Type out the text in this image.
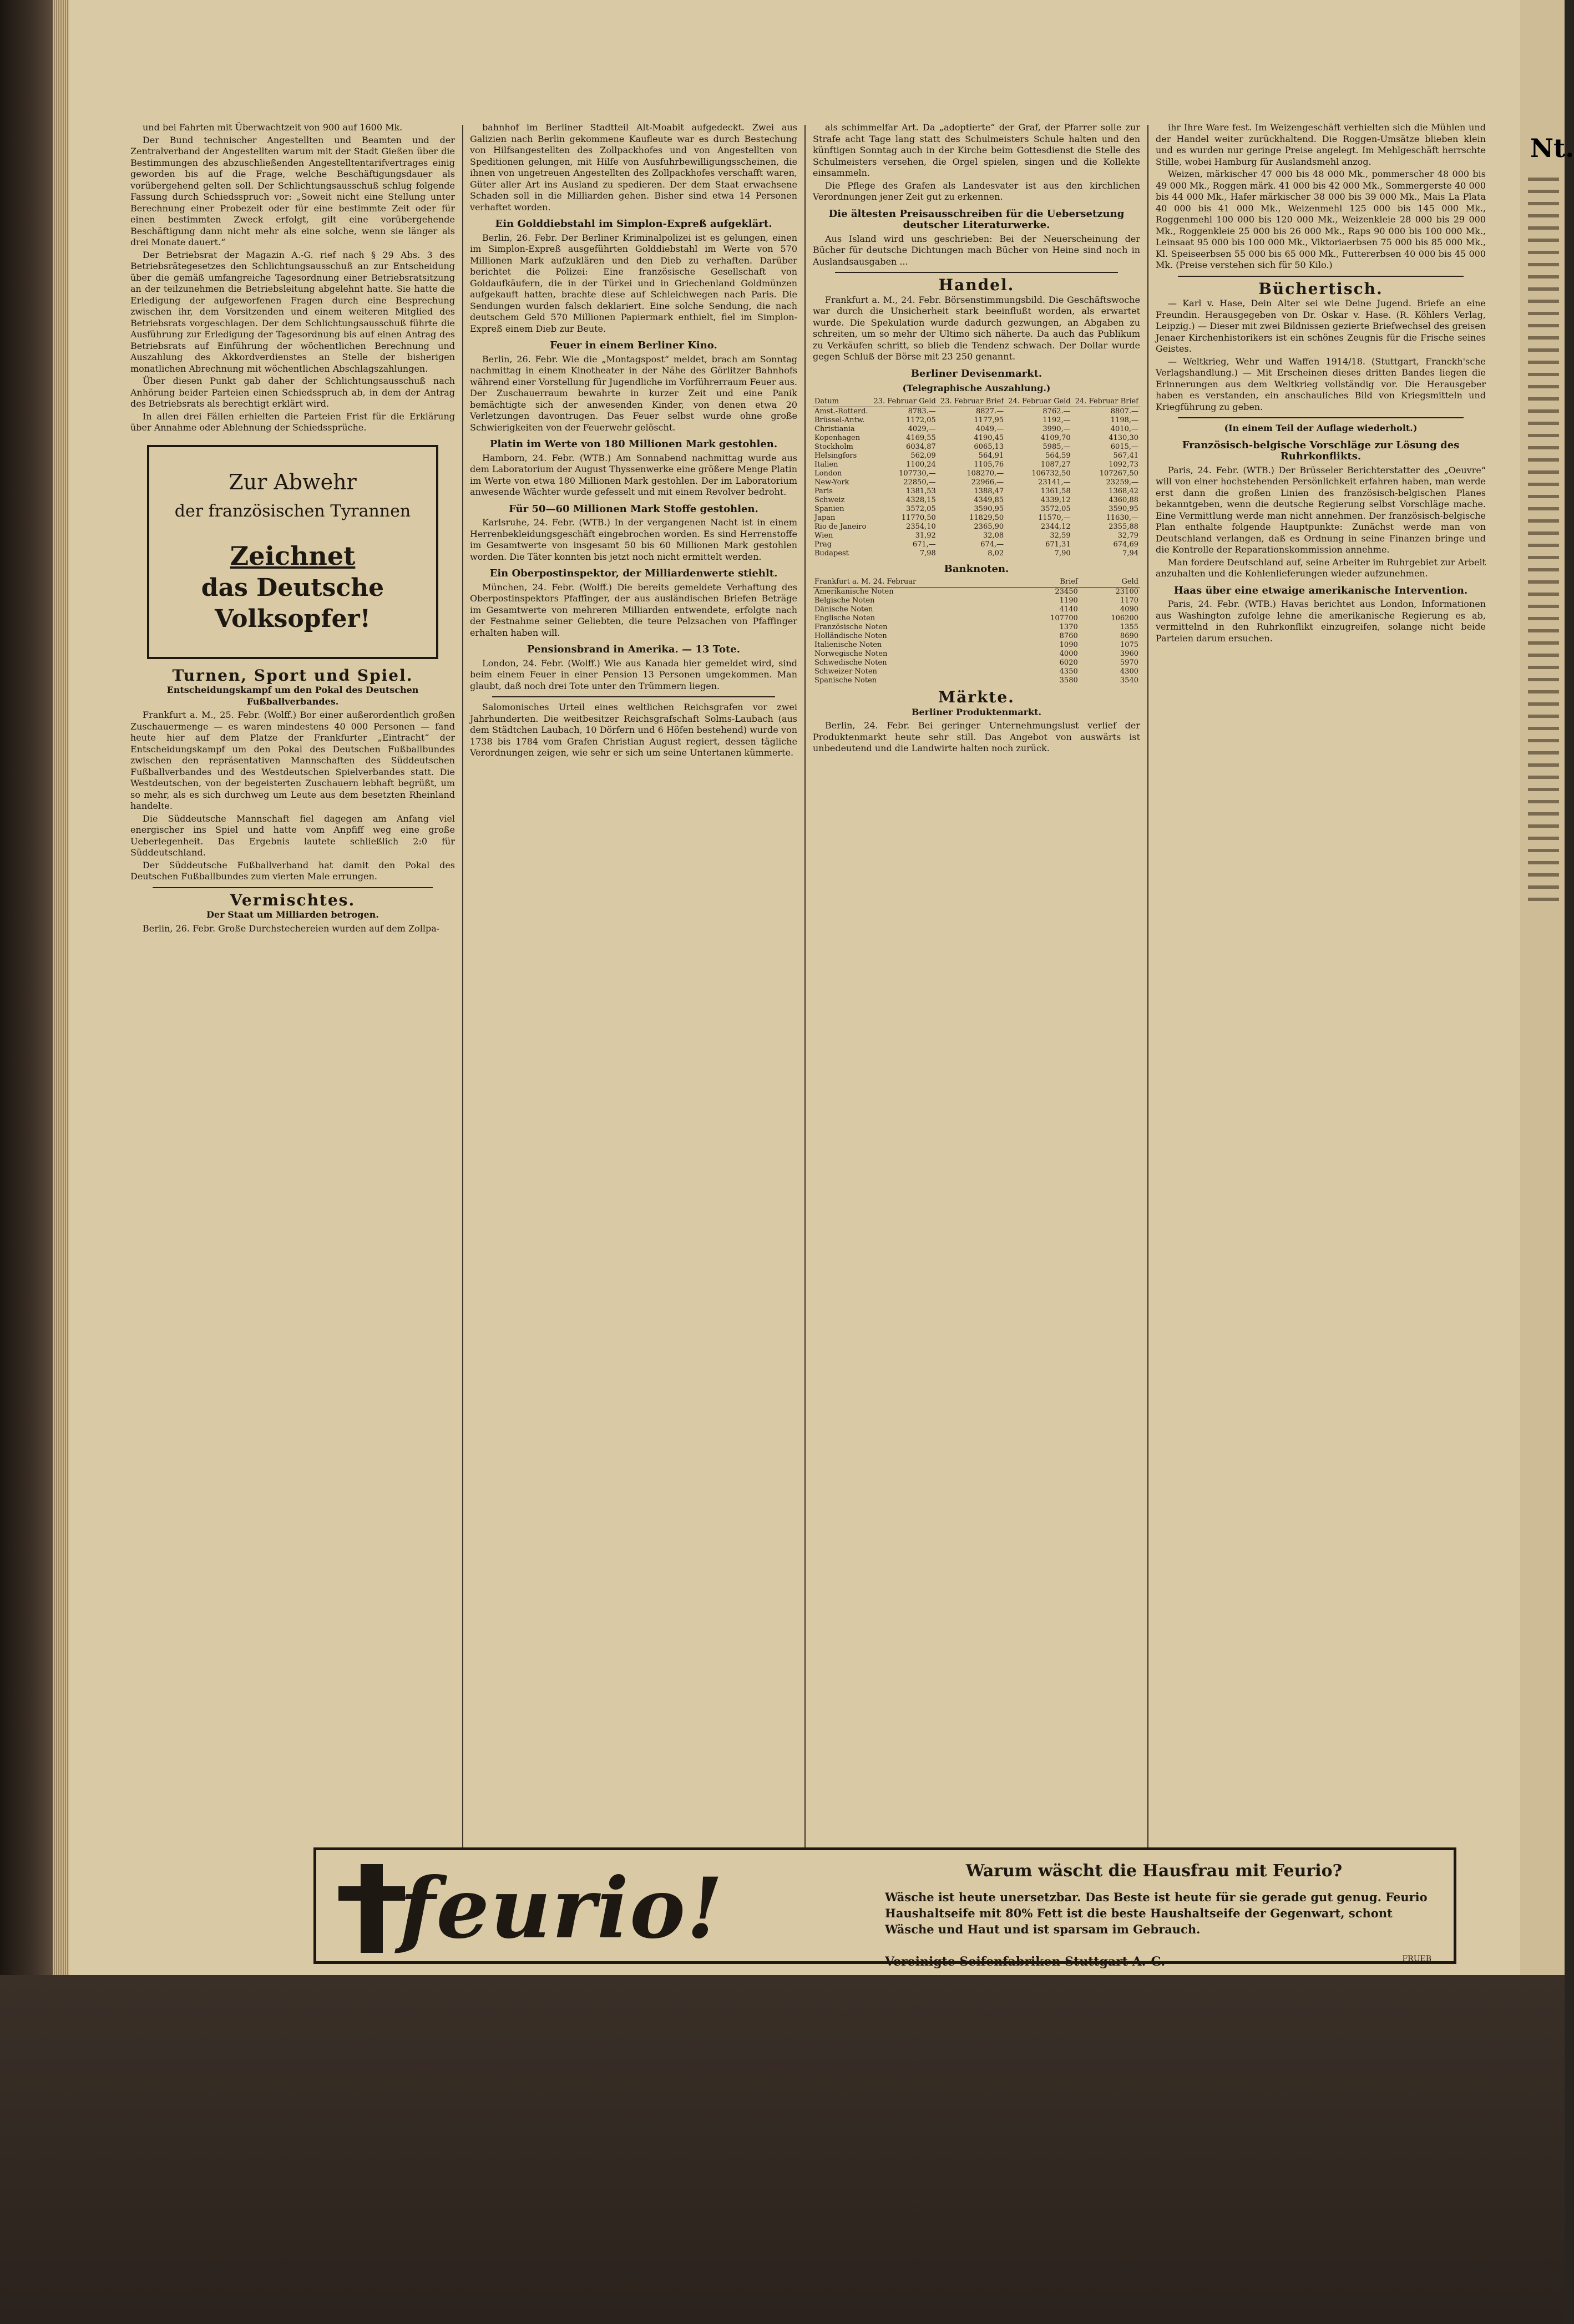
und bei Fahrten mit Überwachtzeit von 900 auf 1600 Mk.

Der Bund technischer Angestellten und Beamten und der Zentralverband der Angestellten warum mit der Stadt Gießen über die Bestimmungen des abzuschließenden Angestelltentarifvertrages einig geworden bis auf die Frage, welche Beschäftigungsdauer als vorübergehend gelten soll. Der Schlichtungsausschuß schlug folgende Fassung durch Schiedsspruch vor: „Soweit nicht eine Stellung unter Berechnung einer Probezeit oder für eine bestimmte Zeit oder für einen bestimmten Zweck erfolgt, gilt eine vorübergehende Beschäftigung dann nicht mehr als eine solche, wenn sie länger als drei Monate dauert.“

Der Betriebsrat der Magazin A.-G. rief nach § 29 Abs. 3 des Betriebsrätegesetzes den Schlichtungsausschuß an zur Entscheidung über die gemäß umfangreiche Tagesordnung einer Betriebsratsitzung an der teilzunehmen die Betriebsleitung abgelehnt hatte. Sie hatte die Erledigung der aufgeworfenen Fragen durch eine Besprechung zwischen ihr, dem Vorsitzenden und einem weiteren Mitglied des Betriebsrats vorgeschlagen. Der dem Schlichtungsausschuß führte die Ausführung zur Erledigung der Tagesordnung bis auf einen Antrag des Betriebsrats auf Einführung der wöchentlichen Berechnung und Auszahlung des Akkordverdienstes an Stelle der bisherigen monatlichen Abrechnung mit wöchentlichen Abschlagszahlungen.

Über diesen Punkt gab daher der Schlichtungsausschuß nach Anhörung beider Parteien einen Schiedsspruch ab, in dem der Antrag des Betriebsrats als berechtigt erklärt wird.

In allen drei Fällen erhielten die Parteien Frist für die Erklärung über Annahme oder Ablehnung der Schiedssprüche.

Zur Abwehr
der französischen Tyrannen
Zeichnet
das Deutsche Volksopfer!
Turnen, Sport und Spiel.
Entscheidungskampf um den Pokal des Deutschen Fußballverbandes.

Frankfurt a. M., 25. Febr. (Wolff.) Bor einer außerordentlich großen Zuschauermenge — es waren mindestens 40 000 Personen — fand heute hier auf dem Platze der Frankfurter „Eintracht“ der Entscheidungskampf um den Pokal des Deutschen Fußballbundes zwischen den repräsentativen Mannschaften des Süddeutschen Fußballverbandes und des Westdeutschen Spielverbandes statt. Die Westdeutschen, von der begeisterten Zuschauern lebhaft begrüßt, um so mehr, als es sich durchweg um Leute aus dem besetzten Rheinland handelte.

Die Süddeutsche Mannschaft fiel dagegen am Anfang viel energischer ins Spiel und hatte vom Anpfiff weg eine große Ueberlegenheit. Das Ergebnis lautete schließlich 2:0 für Süddeutschland.

Der Süddeutsche Fußballverband hat damit den Pokal des Deutschen Fußballbundes zum vierten Male errungen.

Vermischtes.
Der Staat um Milliarden betrogen.

Berlin, 26. Febr. Große Durchstechereien wurden auf dem Zollpa-

bahnhof im Berliner Stadtteil Alt-Moabit aufgedeckt. Zwei aus Galizien nach Berlin gekommene Kaufleute war es durch Bestechung von Hilfsangestellten des Zollpackhofes und von Angestellten von Speditionen gelungen, mit Hilfe von Ausfuhrbewilligungsscheinen, die ihnen von ungetreuen Angestellten des Zollpackhofes verschafft waren, Güter aller Art ins Ausland zu spedieren. Der dem Staat erwachsene Schaden soll in die Milliarden gehen. Bisher sind etwa 14 Personen verhaftet worden.

Ein Golddiebstahl im Simplon-Expreß aufgeklärt.

Berlin, 26. Febr. Der Berliner Kriminalpolizei ist es gelungen, einen im Simplon-Expreß ausgeführten Golddiebstahl im Werte von 570 Millionen Mark aufzuklären und den Dieb zu verhaften. Darüber berichtet die Polizei: Eine französische Gesellschaft von Goldaufkäufern, die in der Türkei und in Griechenland Goldmünzen aufgekauft hatten, brachte diese auf Schleichwegen nach Paris. Die Sendungen wurden falsch deklariert. Eine solche Sendung, die nach deutschem Geld 570 Millionen Papiermark enthielt, fiel im Simplon-Expreß einem Dieb zur Beute.

Feuer in einem Berliner Kino.

Berlin, 26. Febr. Wie die „Montagspost“ meldet, brach am Sonntag nachmittag in einem Kinotheater in der Nähe des Görlitzer Bahnhofs während einer Vorstellung für Jugendliche im Vorführerraum Feuer aus. Der Zuschauerraum bewahrte in kurzer Zeit und eine Panik bemächtigte sich der anwesenden Kinder, von denen etwa 20 Verletzungen davontrugen. Das Feuer selbst wurde ohne große Schwierigkeiten von der Feuerwehr gelöscht.

Platin im Werte von 180 Millionen Mark gestohlen.

Hamborn, 24. Febr. (WTB.) Am Sonnabend nachmittag wurde aus dem Laboratorium der August Thyssenwerke eine größere Menge Platin im Werte von etwa 180 Millionen Mark gestohlen. Der im Laboratorium anwesende Wächter wurde gefesselt und mit einem Revolver bedroht.

Für 50—60 Millionen Mark Stoffe gestohlen.

Karlsruhe, 24. Febr. (WTB.) In der vergangenen Nacht ist in einem Herrenbekleidungsgeschäft eingebrochen worden. Es sind Herrenstoffe im Gesamtwerte von insgesamt 50 bis 60 Millionen Mark gestohlen worden. Die Täter konnten bis jetzt noch nicht ermittelt werden.

Ein Oberpostinspektor, der Milliardenwerte stiehlt.

München, 24. Febr. (Wolff.) Die bereits gemeldete Verhaftung des Oberpostinspektors Pfaffinger, der aus ausländischen Briefen Beträge im Gesamtwerte von mehreren Milliarden entwendete, erfolgte nach der Festnahme seiner Geliebten, die teure Pelzsachen von Pfaffinger erhalten haben will.

Pensionsbrand in Amerika. — 13 Tote.

London, 24. Febr. (Wolff.) Wie aus Kanada hier gemeldet wird, sind beim einem Feuer in einer Pension 13 Personen umgekommen. Man glaubt, daß noch drei Tote unter den Trümmern liegen.

Salomonisches Urteil eines weltlichen Reichsgrafen vor zwei Jahrhunderten. Die weitbesitzer Reichsgrafschaft Solms-Laubach (aus dem Städtchen Laubach, 10 Dörfern und 6 Höfen bestehend) wurde von 1738 bis 1784 vom Grafen Christian August regiert, dessen tägliche Verordnungen zeigen, wie sehr er sich um seine Untertanen kümmerte.

als schimmelfar Art. Da „adoptierte“ der Graf, der Pfarrer solle zur Strafe acht Tage lang statt des Schulmeisters Schule halten und den künftigen Sonntag auch in der Kirche beim Gottesdienst die Stelle des Schulmeisters versehen, die Orgel spielen, singen und die Kollekte einsammeln.

Die Pflege des Grafen als Landesvater ist aus den kirchlichen Verordnungen jener Zeit gut zu erkennen.

Die ältesten Preisausschreiben für die Uebersetzung deutscher Literaturwerke.

Aus Island wird uns geschrieben: Bei der Neuerscheinung der Bücher für deutsche Dichtungen mach Bücher von Heine sind noch in Auslandsausgaben ...

Handel.

Frankfurt a. M., 24. Febr. Börsenstimmungsbild. Die Geschäftswoche war durch die Unsicherheit stark beeinflußt worden, als erwartet wurde. Die Spekulation wurde dadurch gezwungen, an Abgaben zu schreiten, um so mehr der Ultimo sich näherte. Da auch das Publikum zu Verkäufen schritt, so blieb die Tendenz schwach. Der Dollar wurde gegen Schluß der Börse mit 23 250 genannt.

Berliner Devisenmarkt.
(Telegraphische Auszahlung.)
Datum	23. Februar Geld	23. Februar Brief	24. Februar Geld	24. Februar Brief
Amst.-Rotterd.	8783.—	8827.—	8762.—	8807.—
Brüssel-Antw.	1172,05	1177,95	1192,—	1198,—
Christiania	4029,—	4049,—	3990,—	4010,—
Kopenhagen	4169,55	4190,45	4109,70	4130,30
Stockholm	6034,87	6065,13	5985,—	6015,—
Helsingfors	562,09	564,91	564,59	567,41
Italien	1100,24	1105,76	1087,27	1092,73
London	107730,—	108270,—	106732,50	107267,50
New-York	22850,—	22966,—	23141,—	23259,—
Paris	1381,53	1388,47	1361,58	1368,42
Schweiz	4328,15	4349,85	4339,12	4360,88
Spanien	3572,05	3590,95	3572,05	3590,95
Japan	11770,50	11829,50	11570,—	11630,—
Rio de Janeiro	2354,10	2365,90	2344,12	2355,88
Wien	31,92	32,08	32,59	32,79
Prag	671,—	674,—	671,31	674,69
Budapest	7,98	8,02	7,90	7,94
Banknoten.
Frankfurt a. M. 24. Februar	Brief	Geld
Amerikanische Noten	23450	23100
Belgische Noten	1190	1170
Dänische Noten	4140	4090
Englische Noten	107700	106200
Französische Noten	1370	1355
Holländische Noten	8760	8690
Italienische Noten	1090	1075
Norwegische Noten	4000	3960
Schwedische Noten	6020	5970
Schweizer Noten	4350	4300
Spanische Noten	3580	3540
Märkte.
Berliner Produktenmarkt.

Berlin, 24. Febr. Bei geringer Unternehmungslust verlief der Produktenmarkt heute sehr still. Das Angebot von auswärts ist unbedeutend und die Landwirte halten noch zurück.

ihr Ihre Ware fest. Im Weizengeschäft verhielten sich die Mühlen und der Handel weiter zurückhaltend. Die Roggen-Umsätze blieben klein und es wurden nur geringe Preise angelegt. Im Mehlgeschäft herrschte Stille, wobei Hamburg für Auslandsmehl anzog.

Weizen, märkischer 47 000 bis 48 000 Mk., pommerscher 48 000 bis 49 000 Mk., Roggen märk. 41 000 bis 42 000 Mk., Sommergerste 40 000 bis 44 000 Mk., Hafer märkischer 38 000 bis 39 000 Mk., Mais La Plata 40 000 bis 41 000 Mk., Weizenmehl 125 000 bis 145 000 Mk., Roggenmehl 100 000 bis 120 000 Mk., Weizenkleie 28 000 bis 29 000 Mk., Roggenkleie 25 000 bis 26 000 Mk., Raps 90 000 bis 100 000 Mk., Leinsaat 95 000 bis 100 000 Mk., Viktoriaerbsen 75 000 bis 85 000 Mk., Kl. Speiseerbsen 55 000 bis 65 000 Mk., Futtererbsen 40 000 bis 45 000 Mk. (Preise verstehen sich für 50 Kilo.)

Büchertisch.

— Karl v. Hase, Dein Alter sei wie Deine Jugend. Briefe an eine Freundin. Herausgegeben von Dr. Oskar v. Hase. (R. Köhlers Verlag, Leipzig.) — Dieser mit zwei Bildnissen gezierte Briefwechsel des greisen Jenaer Kirchenhistorikers ist ein schönes Zeugnis für die Frische seines Geistes.

— Weltkrieg, Wehr und Waffen 1914/18. (Stuttgart, Franckh'sche Verlagshandlung.) — Mit Erscheinen dieses dritten Bandes liegen die Erinnerungen aus dem Weltkrieg vollständig vor. Die Herausgeber haben es verstanden, ein anschauliches Bild von Kriegsmitteln und Kriegführung zu geben.

(In einem Teil der Auflage wiederholt.)
Französisch-belgische Vorschläge zur Lösung des Ruhrkonflikts.

Paris, 24. Febr. (WTB.) Der Brüsseler Berichterstatter des „Oeuvre“ will von einer hochstehenden Persönlichkeit erfahren haben, man werde erst dann die großen Linien des französisch-belgischen Planes bekanntgeben, wenn die deutsche Regierung selbst Vorschläge mache. Eine Vermittlung werde man nicht annehmen. Der französisch-belgische Plan enthalte folgende Hauptpunkte: Zunächst werde man von Deutschland verlangen, daß es Ordnung in seine Finanzen bringe und die Kontrolle der Reparationskommission annehme.

Man fordere Deutschland auf, seine Arbeiter im Ruhrgebiet zur Arbeit anzuhalten und die Kohlenlieferungen wieder aufzunehmen.

Haas über eine etwaige amerikanische Intervention.

Paris, 24. Febr. (WTB.) Havas berichtet aus London, Informationen aus Washington zufolge lehne die amerikanische Regierung es ab, vermittelnd in den Ruhrkonflikt einzugreifen, solange nicht beide Parteien darum ersuchen.

feurio!	Warum wäscht die Hausfrau mit Feurio?
Wäsche ist heute unersetzbar. Das Beste ist heute für sie gerade gut genug. Feurio Haushaltseife mit 80% Fett ist die beste Haushaltseife der Gegenwart, schont Wäsche und Haut und ist sparsam im Gebrauch.
Vereinigte Seifenfabriken Stuttgart A.-G.	FRUEB
Nt.
